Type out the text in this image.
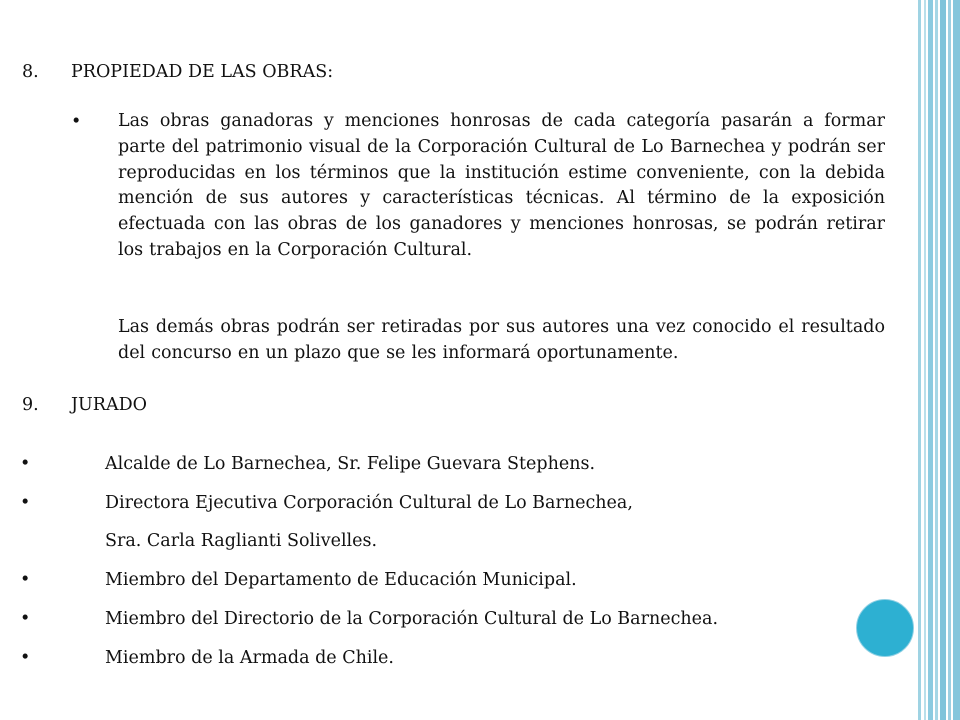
8. PROPIEDAD DE LAS OBRAS:
• Las obras ganadoras y menciones honrosas de cada categoría pasarán a formar parte del patrimonio visual de la Corporación Cultural de Lo Barnechea y podrán ser reproducidas en los términos que la institución estime conveniente, con la debida mención de sus autores y características técnicas. Al término de la exposición efectuada con las obras de los ganadores y menciones honrosas, se podrán retirar los trabajos en la Corporación Cultural.
Las demás obras podrán ser retiradas por sus autores una vez conocido el resultado del concurso en un plazo que se les informará oportunamente.
9. JURADO
•	Alcalde de Lo Barnechea, Sr. Felipe Guevara Stephens.
•	Directora Ejecutiva Corporación Cultural de Lo Barnechea,
Sra. Carla Raglianti Solivelles.
•	Miembro del Departamento de Educación Municipal.
•	Miembro del Directorio de la Corporación Cultural de Lo Barnechea.
•	Miembro de la Armada de Chile.
